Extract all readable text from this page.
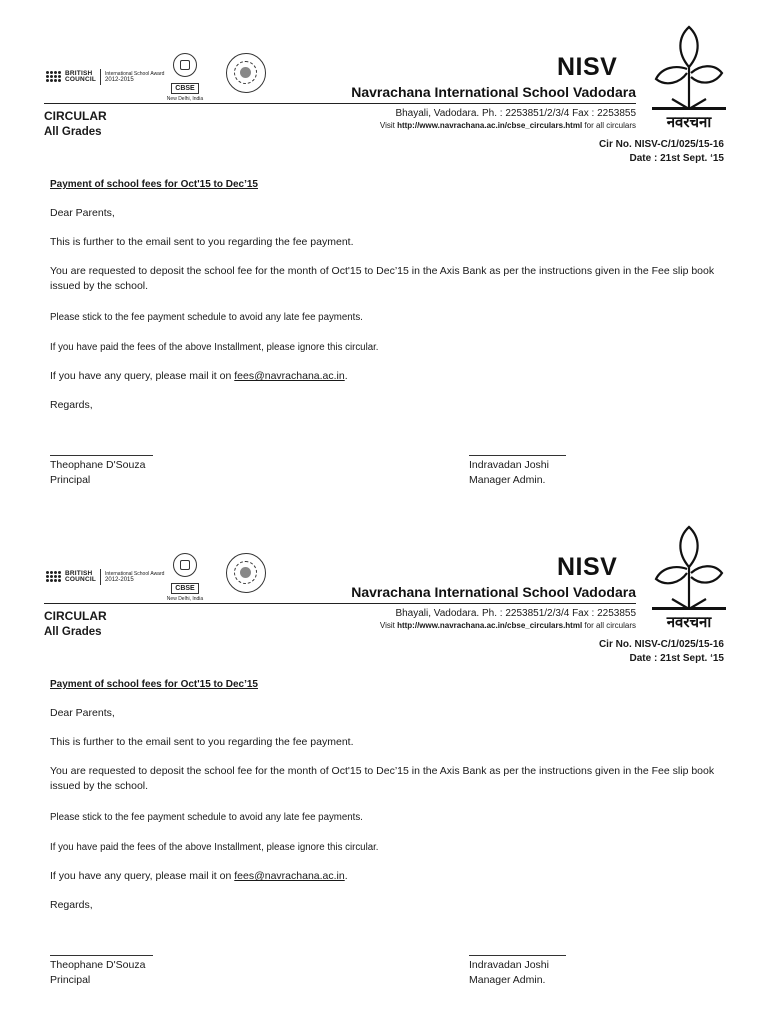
BRITISH
COUNCIL
International School Award
2012-2015
CBSE
New Delhi, India
NISV
Navrachana International School Vadodara
Bhayali, Vadodara. Ph. : 2253851/2/3/4 Fax : 2253855
Visit http://www.navrachana.ac.in/cbse_circulars.html for all circulars	नवरचना
CIRCULAR
All Grades
Cir No. NISV-C/1/025/15-16
Date : 21st Sept. ‘15
Payment of school fees for Oct'15 to Dec’15
Dear Parents,
This is further to the email sent to you regarding the fee payment.
You are requested to deposit the school fee for the month of Oct'15 to Dec’15 in the Axis Bank as per the instructions given in the Fee slip book issued by the school.
Please stick to the fee payment schedule to avoid any late fee payments.
If you have paid the fees of the above Installment, please ignore this circular.
If you have any query, please mail it on fees@navrachana.ac.in.
Regards,
Theophane D'Souza
Principal
Indravadan Joshi
Manager Admin.
BRITISH
COUNCIL
International School Award
2012-2015
CBSE
New Delhi, India
NISV
Navrachana International School Vadodara
Bhayali, Vadodara. Ph. : 2253851/2/3/4 Fax : 2253855
Visit http://www.navrachana.ac.in/cbse_circulars.html for all circulars	नवरचना
CIRCULAR
All Grades
Cir No. NISV-C/1/025/15-16
Date : 21st Sept. ‘15
Payment of school fees for Oct'15 to Dec’15
Dear Parents,
This is further to the email sent to you regarding the fee payment.
You are requested to deposit the school fee for the month of Oct'15 to Dec’15 in the Axis Bank as per the instructions given in the Fee slip book issued by the school.
Please stick to the fee payment schedule to avoid any late fee payments.
If you have paid the fees of the above Installment, please ignore this circular.
If you have any query, please mail it on fees@navrachana.ac.in.
Regards,
Theophane D'Souza
Principal
Indravadan Joshi
Manager Admin.
